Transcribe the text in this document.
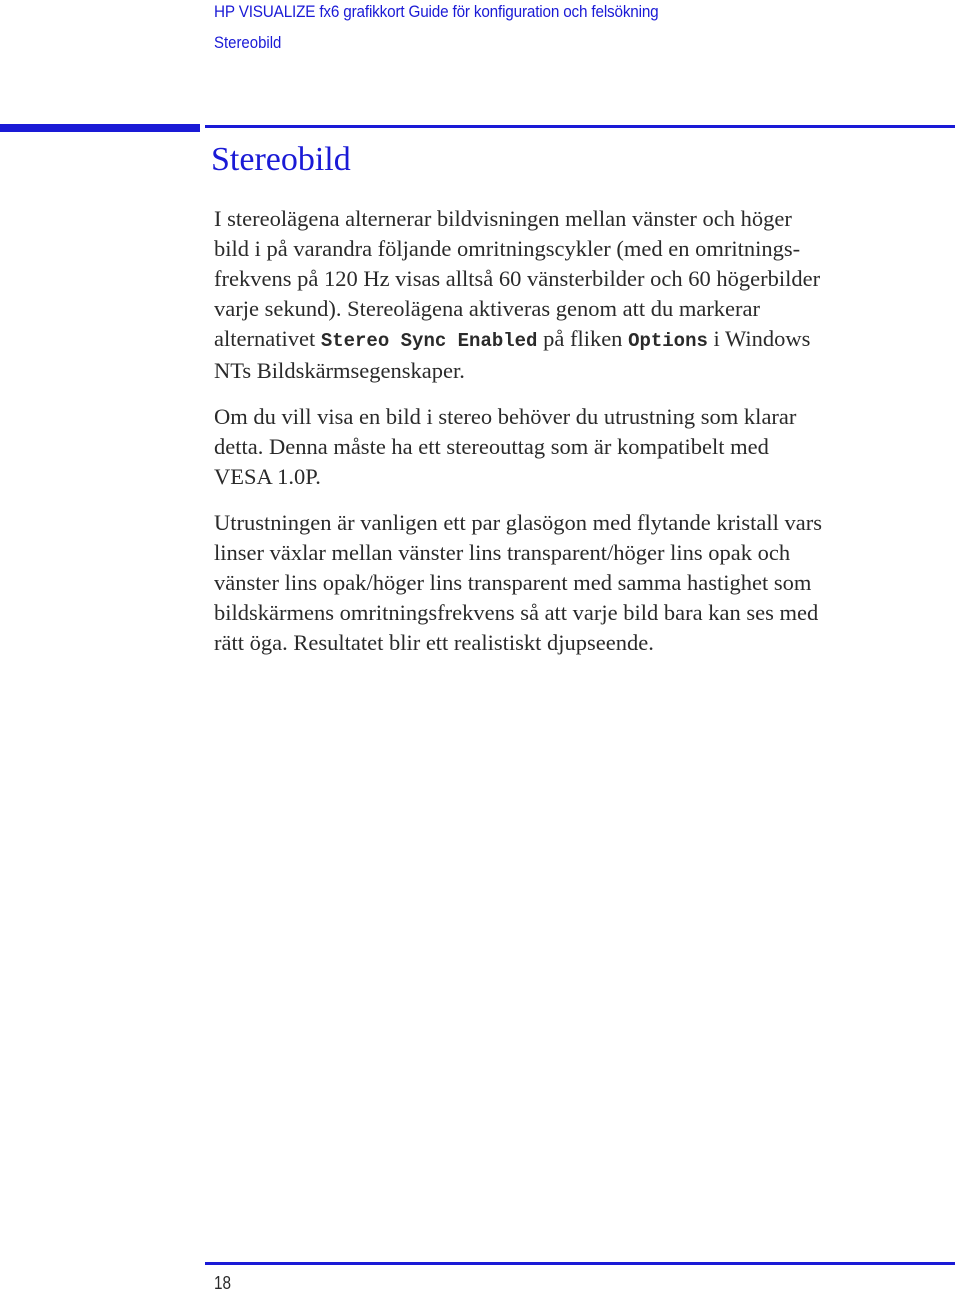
HP VISUALIZE fx6 grafikkort Guide för konfiguration och felsökning
Stereobild
Stereobild

I stereolägena alternerar bildvisningen mellan vänster och höger
bild i på varandra följande omritningscykler (med en omritnings-
frekvens på 120 Hz visas alltså 60 vänsterbilder och 60 högerbilder
varje sekund). Stereolägena aktiveras genom att du markerar
alternativet Stereo Sync Enabled på fliken Options i Windows
NTs Bildskärmsegenskaper.

Om du vill visa en bild i stereo behöver du utrustning som klarar
detta. Denna måste ha ett stereouttag som är kompatibelt med
VESA 1.0P.

Utrustningen är vanligen ett par glasögon med flytande kristall vars
linser växlar mellan vänster lins transparent/höger lins opak och
vänster lins opak/höger lins transparent med samma hastighet som
bildskärmens omritningsfrekvens så att varje bild bara kan ses med
rätt öga. Resultatet blir ett realistiskt djupseende.

18
